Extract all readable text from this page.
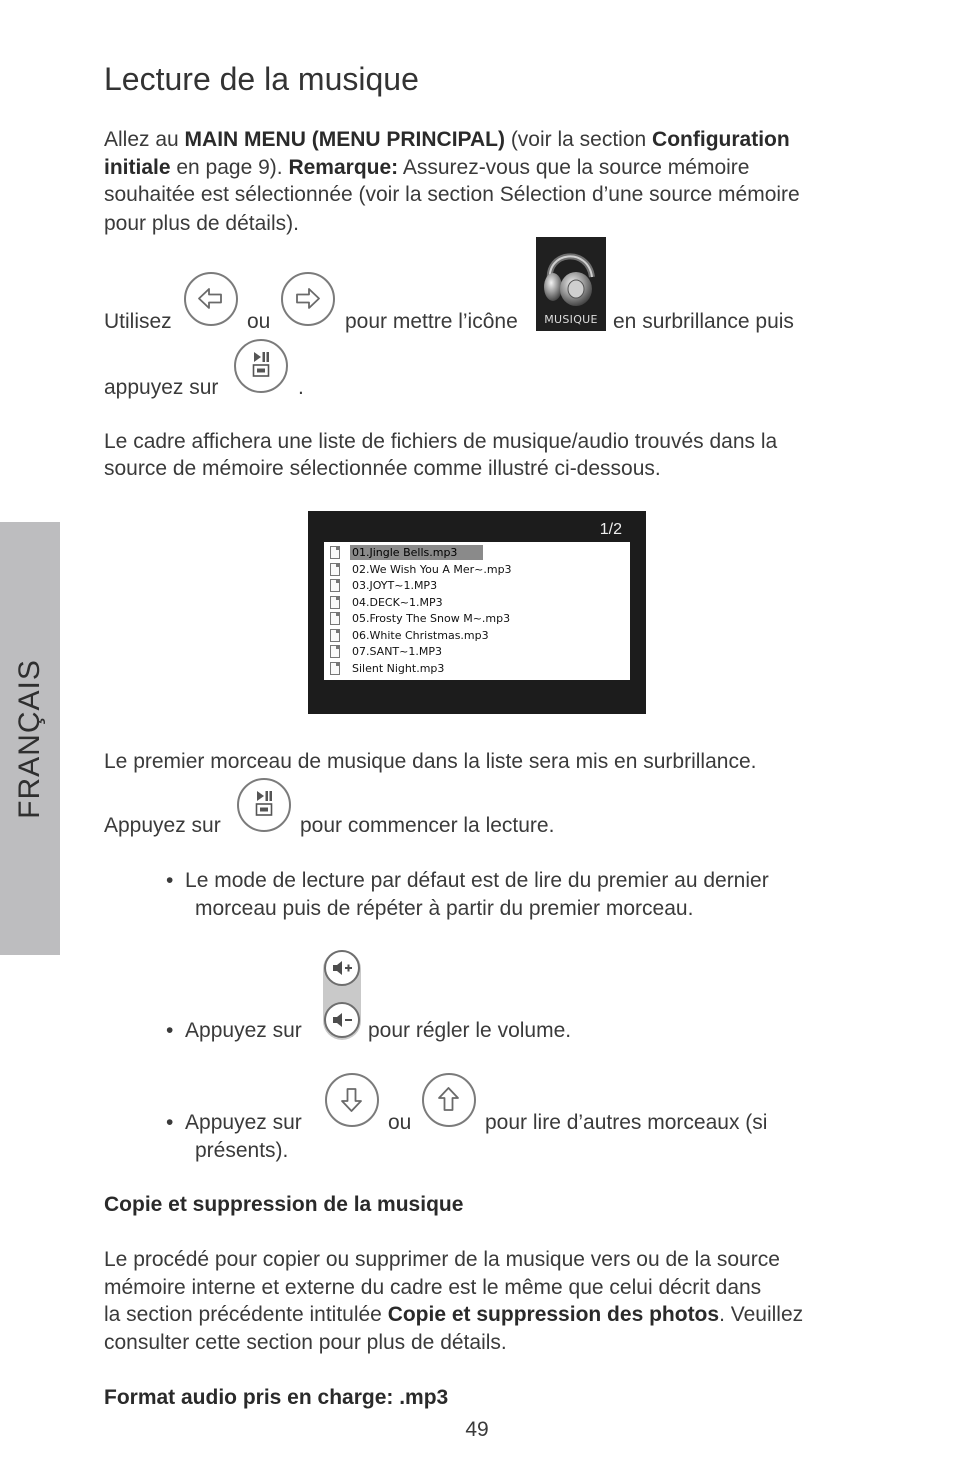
Lecture de la musique
Allez au MAIN MENU (MENU PRINCIPAL) (voir la section Configuration
initiale en page 9). Remarque: Assurez-vous que la source mémoire
souhaitée est sélectionnée (voir la section Sélection d’une source mémoire
pour plus de détails).
Utilisez	ou	pour mettre l’icône	MUSIQUE en surbrillance puis
appuyez sur	.
Le cadre affichera une liste de fichiers de musique/audio trouvés dans la
source de mémoire sélectionnée comme illustré ci-dessous.
1/2
01.Jingle Bells.mp3
02.We Wish You A Mer~.mp3
03.JOYT~1.MP3
04.DECK~1.MP3
05.Frosty The Snow M~.mp3
06.White Christmas.mp3
07.SANT~1.MP3
Silent Night.mp3
FRANÇAIS	Le premier morceau de musique dans la liste sera mis en surbrillance.
Appuyez sur	pour commencer la lecture.
•  Le mode de lecture par défaut est de lire du premier au dernier
morceau puis de répéter à partir du premier morceau.
•  Appuyez sur	pour régler le volume.
•  Appuyez sur	ou	pour lire d’autres morceaux (si
présents).
Copie et suppression de la musique
Le procédé pour copier ou supprimer de la musique vers ou de la source
mémoire interne et externe du cadre est le même que celui décrit dans
la section précédente intitulée Copie et suppression des photos. Veuillez
consulter cette section pour plus de détails.
Format audio pris en charge: .mp3
49
